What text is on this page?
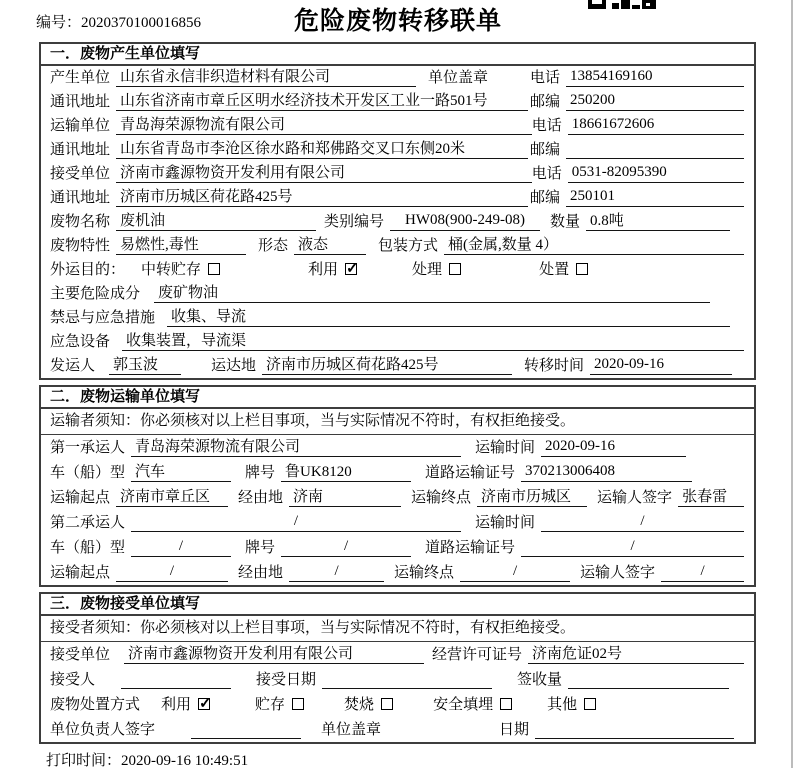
编号：2020370100016856	危险废物转移联单
一．废物产生单位填写
产生单位 山东省永信非织造材料有限公司	单位盖章	电话 13854169160
通讯地址 山东省济南市章丘区明水经济技术开发区工业一路501号	邮编 250200
运输单位 青岛海荣源物流有限公司	电话 18661672606
通讯地址 山东省青岛市李沧区徐水路和郑佛路交叉口东侧20米	邮编
接受单位 济南市鑫源物资开发利用有限公司	电话 0531-82095390
通讯地址 济南市历城区荷花路425号	邮编 250101
废物名称 废机油	类别编号	HW08(900-249-08)	数量 0.8吨
废物特性 易燃性,毒性	形态 液态	包装方式 桶(金属,数量 4）
外运目的： 中转贮存	利用 ✓	处理	处置
主要危险成分 废矿物油
禁忌与应急措施 收集、导流
应急设备 收集装置，导流渠
发运人 郭玉波	运达地 济南市历城区荷花路425号	转移时间 2020-09-16
二．废物运输单位填写
运输者须知：你必须核对以上栏目事项，当与实际情况不符时，有权拒绝接受。
第一承运人 青岛海荣源物流有限公司	运输时间 2020-09-16
车（船）型 汽车	牌号 鲁UK8120	道路运输证号 370213006408
运输起点 济南市章丘区	经由地 济南	运输终点 济南市历城区	运输人签字 张春雷
第二承运人	/	运输时间	/
车（船）型	/	牌号	/	道路运输证号	/
运输起点	/	经由地	/	运输终点	/	运输人签字	/
三．废物接受单位填写
接受者须知：你必须核对以上栏目事项，当与实际情况不符时，有权拒绝接受。
接受单位 济南市鑫源物资开发利用有限公司	经营许可证号 济南危证02号
接受人	接受日期	签收量
废物处置方式 利用 ✓	贮存	焚烧	安全填埋	其他
单位负责人签字	单位盖章	日期
打印时间：2020-09-16 10:49:51
